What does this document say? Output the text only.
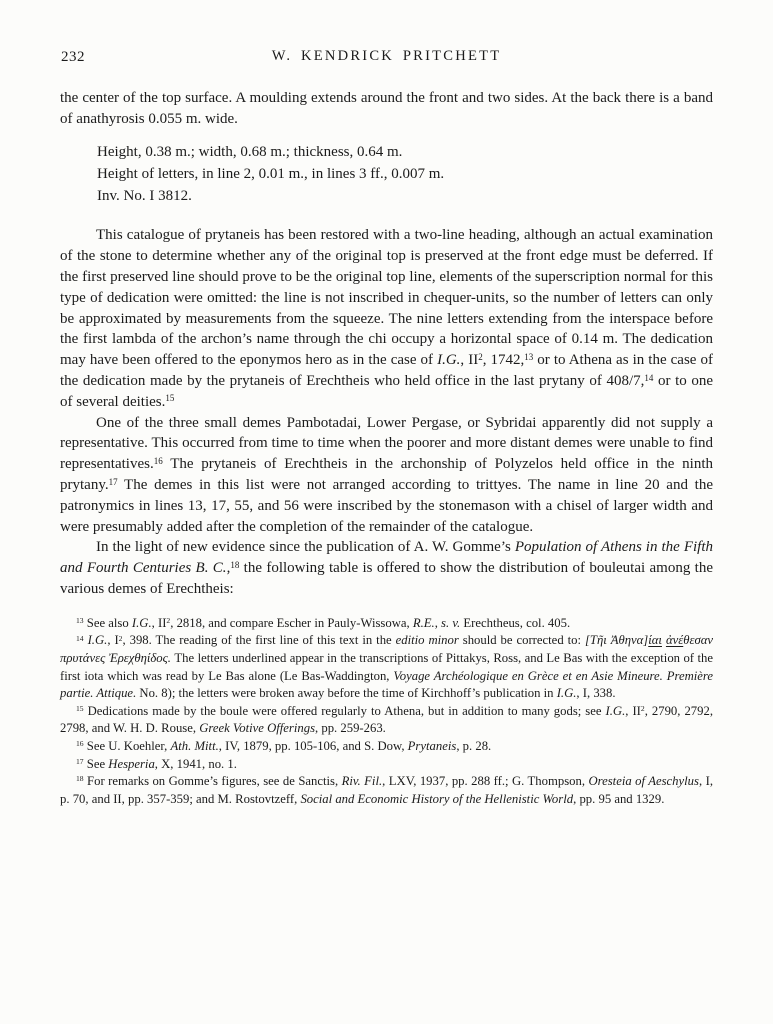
232	W. KENDRICK PRITCHETT

the center of the top surface. A moulding extends around the front and two sides. At the back there is a band of anathyrosis 0.055 m. wide.

Height, 0.38 m.; width, 0.68 m.; thickness, 0.64 m.

Height of letters, in line 2, 0.01 m., in lines 3 ff., 0.007 m.

Inv. No. I 3812.

This catalogue of prytaneis has been restored with a two-line heading, although an actual examination of the stone to determine whether any of the original top is preserved at the front edge must be deferred. If the first preserved line should prove to be the original top line, elements of the superscription normal for this type of dedication were omitted: the line is not inscribed in chequer-units, so the number of letters can only be approximated by measurements from the squeeze. The nine letters extending from the interspace before the first lambda of the archon’s name through the chi occupy a horizontal space of 0.14 m. The dedication may have been offered to the eponymos hero as in the case of I.G., $II^2$, 1742,13 or to Athena as in the case of the dedication made by the prytaneis of Erechtheis who held office in the last prytany of 408/7,14 or to one of several deities.$^{15}$

One of the three small demes Pambotadai, Lower Pergase, or Sybridai apparently did not supply a representative. This occurred from time to time when the poorer and more distant demes were unable to find representatives.$^{16}$ The prytaneis of Erechtheis in the archonship of Polyzelos held office in the ninth prytany.$^{17}$ The demes in this list were not arranged according to trittyes. The name in line 20 and the patronymics in lines 13, 17, 55, and 56 were inscribed by the stonemason with a chisel of larger width and were presumably added after the completion of the remainder of the catalogue.

In the light of new evidence since the publication of A. W. Gomme’s Population of Athens in the Fifth and Fourth Centuries B. C.,$^{18}$ the following table is offered to show the distribution of bouleutai among the various demes of Erechtheis:

$^{13}$ See also I.G., $II^2$, 2818, and compare Escher in Pauly-Wissowa, R.E., s. v. Erechtheus, col. 405.

$^{14}$ I.G., $I^2$, 398. The reading of the first line of this text in the editio minor should be corrected to: [Τῆι Ἀθηνα]ίαι ἀνέθεσαν πρυτάνες Ἐρεχθηίδος. The letters underlined appear in the transcriptions of Pittakys, Ross, and Le Bas with the exception of the first iota which was read by Le Bas alone (Le Bas-Waddington, Voyage Archéologique en Grèce et en Asie Mineure. Première partie. Attique. No. 8); the letters were broken away before the time of Kirchhoff’s publication in I.G., I, 338.

$^{15}$ Dedications made by the boule were offered regularly to Athena, but in addition to many gods; see I.G., $II^2$, 2790, 2792, 2798, and W. H. D. Rouse, Greek Votive Offerings, pp. 259-263.

$^{16}$ See U. Koehler, Ath. Mitt., IV, 1879, pp. 105-106, and S. Dow, Prytaneis, p. 28.

$^{17}$ See Hesperia, X, 1941, no. 1.

$^{18}$ For remarks on Gomme’s figures, see de Sanctis, Riv. Fil., LXV, 1937, pp. 288 ff.; G. Thompson, Oresteia of Aeschylus, I, p. 70, and II, pp. 357-359; and M. Rostovtzeff, Social and Economic History of the Hellenistic World, pp. 95 and 1329.
